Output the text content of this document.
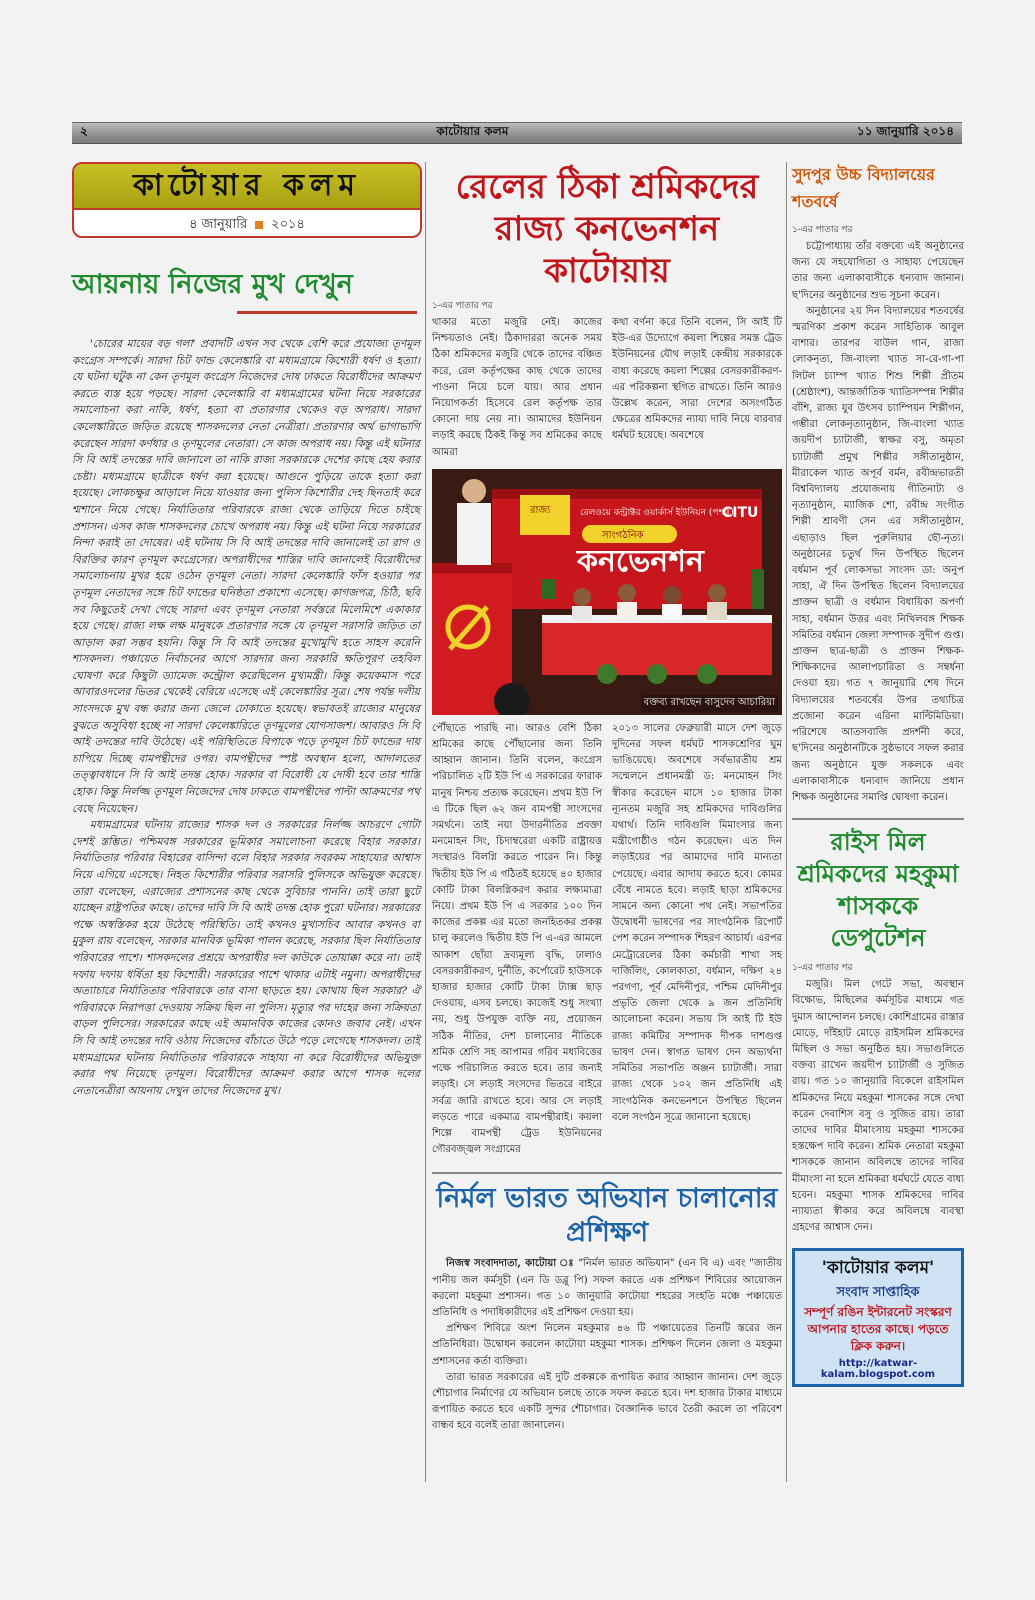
২	কাটোয়ার কলম	১১ জানুয়ারি ২০১৪
কাটোয়ার কলম
৪ জানুয়ারি ২০১৪
আয়নায় নিজের মুখ দেখুন

'চোরের মায়ের বড় গলা' প্রবাদটি এখন সব থেকে বেশি করে প্রযোজ্য তৃণমূল কংগ্রেস সম্পর্কে। সারদা চিট ফান্ড কেলেঙ্কারি বা মধ্যমগ্রামে কিশোরী ধর্ষণ ও হত্যা। যে ঘটনা ঘটুক না কেন তৃণমূল কংগ্রেস নিজেদের দোষ ঢাকতে বিরোধীদের আক্রমণ করতে ব্যস্ত হয়ে পড়ছে। সারদা কেলেঙ্কারি বা মধ্যমগ্রামের ঘটনা নিয়ে সরকারের সমালোচনা করা নাকি, ধর্ষণ, হত্যা বা প্রতারণার থেকেও বড় অপরাধ। সারদা কেলেঙ্কারিতে জড়িত রয়েছে শাসকদলের নেতা নেত্রীরা। প্রতারণার অর্থ ভাগাভাগি করেছেন সারদা কর্ণধার ও তৃণমূলের নেতারা। সে কাজ অপরাধ নয়। কিন্তু এই ঘটনার সি বি আই তদন্তের দাবি জানালে তা নাকি রাজ্য সরকারকে দেশের কাছে হেয় করার চেষ্টা। মধ্যমগ্রামে ছাত্রীকে ধর্ষণ করা হয়েছে। আগুনে পুড়িয়ে তাকে হত্যা করা হয়েছে। লোকচক্ষুর আড়ালে নিয়ে যাওয়ার জন্য পুলিস কিশোরীর দেহ ছিনতাই করে শ্মশানে নিয়ে গেছে। নির্যাতিতার পরিবারকে রাজ্য থেকে তাড়িয়ে দিতে চাইছে প্রশাসন। এসব কাজ শাসকদলের চোখে অপরাধ নয়। কিন্তু এই ঘটনা নিয়ে সরকারের নিন্দা করাই তা দোষের। এই ঘটনায় সি বি আই তদন্তের দাবি জানালেই তা রাগ ও বিরক্তির কারণ তৃণমূল কংগ্রেসের। অপরাধীদের শাস্তির দাবি জানালেই বিরোধীদের সমালোচনায় মুখর হয়ে ওঠেন তৃণমূল নেতা। সারদা কেলেঙ্কারি ফাঁস হওয়ার পর তৃণমূল নেতাদের সঙ্গে চিট ফান্ডের ঘনিষ্ঠতা প্রকাশ্যে এসেছে। কাগজপত্র, চিঠি, ছবি সব কিছুতেই দেখা গেছে সারদা এবং তৃণমূল নেতারা সর্বস্তরে মিলেমিশে একাকার হয়ে গেছে। রাজ্য লক্ষ লক্ষ মানুষকে প্রতারণার সঙ্গে যে তৃণমূল সরাসরি জড়িত তা আড়াল করা সম্ভব হয়নি। কিন্তু সি বি আই তদন্তের মুখোমুখি হতে সাহস করেনি শাসকদল। পঞ্চায়েত নির্বাচনের আগে সারদার জন্য সরকারি ক্ষতিপূরণ তহবিল ঘোষণা করে কিছুটা ড্যামেজ কন্ট্রোল করেছিলেন মুখ্যমন্ত্রী। কিন্তু কয়েকমাস পরে আবারওদলের ভিতর থেকেই বেরিয়ে এসেছে এই কেলেঙ্কারির সূত্র। শেষ পর্যন্ত দলীয় সাংসদকে মুখ বন্ধ করার জন্য জেলে ঢোকাতে হয়েছে। স্বভাবতই রাজ্যের মানুষের বুঝতে অসুবিধা হচ্ছে না সারদা কেলেঙ্কারিতে তৃণমূলের যোগসাজশ। আবারও সি বি আই তদন্তের দাবি উঠেছে। এই পরিস্থিতিতে বিপাকে পড়ে তৃণমূল চিট ফান্ডের দায় চাপিয়ে দিচ্ছে বামপন্থীদের ওপর। বামপন্থীদের স্পষ্ট অবস্থান হলো, আদালতের তত্ত্বাবধানে সি বি আই তদন্ত হোক। সরকার বা বিরোধী যে দোষী হবে তার শাস্তি হোক। কিন্তু নির্লজ্জ তৃণমূল নিজেদের দোষ ঢাকতে বামপন্থীদের পাল্টা আক্রমণের পথ বেছে নিয়েছেন।

মধ্যমগ্রামের ঘটনায় রাজ্যের শাসক দল ও সরকারের নির্লজ্জ আচরণে গোটা দেশই স্তম্ভিত। পশ্চিমবঙ্গ সরকারের ভূমিকার সমালোচনা করেছে বিহার সরকার। নির্যাতিতার পরিবার বিহারের বাসিন্দা বলে বিহার সরকার সবরকম সাহায্যের আশ্বাস নিয়ে এগিয়ে এসেছে। নিহত কিশোরীর পরিবার সরাসরি পুলিসকে অভিযুক্ত করেছে। তারা বলেছেন, এরাজ্যের প্রশাসনের কাছ থেকে সুবিচার পাননি। তাই তারা ছুটে যাচ্ছেন রাষ্ট্রপতির কাছে। তাদের দাবি সি বি আই তদন্ত হোক পুরো ঘটনার। সরকারের পক্ষে অস্বস্তিকর হয়ে উঠেছে পরিস্থিতি। তাই কখনও মুখ্যসচিব আবার কখনও বা মুকুল রায় বলেছেন, সরকার মানবিক ভূমিকা পালন করেছে, সরকার ছিল নির্যাতিতার পরিবারের পাশে। শাসকদলের প্রশ্রয়ে অপরাধীর দল কাউকে তোয়াক্কা করে না। তাই দফায় দফায় ধর্ষিতা হয় কিশোরী। সরকারের পাশে থাকার এটাই নমুনা। অপরাধীদের অত্যাচারে নির্যাতিতার পরিবারকে তার বাসা ছাড়তে হয়। কোথায় ছিল সরকার? ঐ পরিবারকে নিরাপত্তা দেওয়ায় সক্রিয় ছিল না পুলিস। মৃত্যুর পর দাহের জন্য সক্রিয়তা বাড়ল পুলিসের। সরকারের কাছে এই অমানবিক কাজের কোনও জবাব নেই। এখন সি বি আই তদন্তের দাবি ওঠায় নিজেদের বাঁচাতে উঠে পড়ে লেগেছে শাসকদল। তাই মধ্যমগ্রামের ঘটনায় নির্যাতিতার পরিবারকে সাহায্য না করে বিরোধীদের অভিযুক্ত করার পথ নিয়েছে তৃণমূল। বিরোধীদের আক্রমণ করার আগে শাসক দলের নেতানেত্রীরা আয়নায় দেখুন তাদের নিজেদের মুখ।

রেলের ঠিকা শ্রমিকদের রাজ্য কনভেনশন কাটোয়ায়
১-এর পাতার পর
থাকার মতো মজুরি নেই। কাজের নিশ্চয়তাও নেই। ঠিকাদাররা অনেক সময় ঠিকা শ্রমিকদের মজুরি থেকে তাদের বঞ্চিত করে, রেল কর্তৃপক্ষের কাছ থেকে তাদের পাওনা নিয়ে চলে যায়। আর প্রধান নিয়োগকর্তা হিসেবে রেল কর্তৃপক্ষ তার কোনো দায় নেয় না। আমাদের ইউনিয়ন লড়াই করছে ঠিকই কিন্তু সব শ্রমিকের কাছে আমরা
কথা বর্ণনা করে তিনি বলেন, সি আই টি ইউ-এর উদ্যোগে কয়লা শিল্পের সমস্ত ট্রেড ইউনিয়নের যৌথ লড়াই কেন্দ্রীয় সরকারকে বাধ্য করেছে কয়লা শিল্পের বেসরকারীকরণ-এর পরিকল্পনা স্থগিত রাখতে। তিনি আরও উল্লেখ করেন, সারা দেশের অসংগঠিত ক্ষেত্রের শ্রমিকদের ন্যায্য দাবি নিয়ে বারবার ধর্মঘট হয়েছে। অবশেষে
রাজ্য	রেলওয়ে কন্ট্রাক্টর ওয়ার্কার্স ইউনিয়ন (পশ্চঃ)
CITU
সাংগঠনিক
কনভেনশন
বক্তব্য রাখছেন বাসুদেব আচারিয়া
পৌঁছাতে পারছি না। আরও বেশি ঠিকা শ্রমিকের কাছে পৌঁছানোর জন্য তিনি আহ্বান জানান। তিনি বলেন, কংগ্রেস পরিচালিত ২টি ইউ পি এ সরকারের ফারাক মানুষ নিশ্চয় প্রত্যক্ষ করেছেন। প্রথম ইউ পি এ টিকে ছিল ৬২ জন বামপন্থী সাংসদের সমর্থনে। তাই নয়া উদারনীতির প্রবক্তা মনমোহন সিং, চিদাম্বরেরা একটি রাষ্ট্রায়ত্ত সংস্থারও বিলগ্নি করতে পারেন নি। কিন্তু দ্বিতীয় ইউ পি এ গঠিতই হয়েছে ৪০ হাজার কোটি টাকা বিলগ্নিকরণ করার লক্ষ্যমাত্রা নিয়ে। প্রথম ইউ পি এ সরকার ১০০ দিন কাজের প্রকল্প এর মতো জনহিতকর প্রকল্প চালু করলেও দ্বিতীয় ইউ পি এ-এর আমলে আকাশ ছোঁয়া দ্রব্যমূল্য বৃদ্ধি, ঢালাও বেসরকারীকরণ, দুর্নীতি, কর্পোরেট হাউসকে হাজার হাজার কোটি টাকা ট্যাক্স ছাড় দেওয়ায়, এসব চলছে। কাজেই শুধু সংখ্যা নয়, শুধু উপযুক্ত ব্যক্তি নয়, প্রয়োজন সঠিক নীতির, দেশ চালানোর নীতিকে শ্রমিক শ্রেণি সহ আপামর গরিব মধ্যবিত্তের পক্ষে পরিচালিত করতে হবে। তার জন্যই লড়াই। সে লড়াই সংসদের ভিতরে বাইরে সর্বত্র জারি রাখতে হবে। আর সে লড়াই লড়তে পারে একমাত্র বামপন্থীরাই। কয়লা শিল্পে বামপন্থী ট্রেড ইউনিয়নের গৌরবজ্জ্বল সংগ্রামের
২০১৩ সালের ফেব্রুয়ারী মাসে দেশ জুড়ে দুদিনের সফল ধর্মঘট শাসকশ্রেণির ঘুম ভাঙিয়েছে। অবশেষে সর্বভারতীয় শ্রম সম্মেলনে প্রধানমন্ত্রী ড: মনমোহন সিং স্বীকার করেছেন মাসে ১০ হাজার টাকা ন্যূনতম মজুরি সহ শ্রমিকদের দাবিগুলির যথার্থ। তিনি দাবিগুলি মিমাংসার জন্য মন্ত্রীগোষ্ঠীও গঠন করেছেন। এত দিন লড়াইয়ের পর আমাদের দাবি মান্যতা পেয়েছে। এবার আদায় করতে হবে। কোমর বেঁধে নামতে হবে। লড়াই ছাড়া শ্রমিকদের সামনে অন্য কোনো পথ নেই। সভাপতির উদ্বোধনী ভাষণের পর সাংগঠনিক রিপোর্ট পেশ করেন সম্পাদক শিহরণ আচার্য। এরপর মেট্রোরেলের ঠিকা কর্মচারী শাখা সহ দার্জিলিং, কোলকাতা, বর্ধমান, দক্ষিণ ২৪ পরগণা, পূর্ব মেদিনীপুর, পশ্চিম মেদিনীপুর প্রভৃতি জেলা থেকে ৯ জন প্রতিনিধি আলোচনা করেন। সভায় সি আই টি ইউ রাজ্য কমিটির সম্পাদক দীপক দাশগুপ্ত ভাষণ দেন। স্বাগত ভাষণ দেন অভ্যর্থনা সমিতির সভাপতি অঞ্জন চ্যাটার্জী। সারা রাজ্য থেকে ১০২ জন প্রতিনিধি এই সাংগঠনিক কনভেনশনে উপস্থিত ছিলেন বলে সংগঠন সূত্রে জানানো হয়েছে।
নির্মল ভারত অভিযান চালানোর প্রশিক্ষণ

নিজস্ব সংবাদদাতা, কাটোয়া ঃ "নির্মল ভারত অভিযান" (এন বি এ) এবং "জাতীয় পানীয় জল কর্মসূচী (এন ডি ডব্লু পি) সফল করতে এক প্রশিক্ষণ শিবিরের আয়োজন করলো মহকুমা প্রশাসন। গত ১০ জানুয়ারি কাটোয়া শহরের সংহতি মঞ্চে পঞ্চায়েত প্রতিনিধি ও পদাধিকারীদের এই প্রশিক্ষণ দেওয়া হয়।

প্রশিক্ষণ শিবিরে অংশ নিলেন মহকুমার ৪৬ টি পঞ্চায়েতের তিনটি স্তরের জন প্রতিনিধিরা। উদ্বোধন করলেন কাটোয়া মহকুমা শাসক। প্রশিক্ষণ দিলেন জেলা ও মহকুমা প্রশাসনের কর্তা ব্যক্তিরা।

তারা ভারত সরকারের এই দুটি প্রকল্পকে রূপায়িত করার আহ্বান জানান। দেশ জুড়ে শৌচাগার নির্মাণের যে অভিযান চলছে তাকে সফল করতে হবে। দশ হাজার টাকার মাধ্যমে রূপায়িত করতে হবে একটি সুন্দর শৌচাগার। বৈজ্ঞানিক ভাবে তৈরী করলে তা পরিবেশ বান্ধব হবে বলেই তারা জানালেন।

সুদপুর উচ্চ বিদ্যালয়ের শতবর্ষে
১-এর পাতার পর

চট্টোপাধ্যায় তাঁর বক্তব্যে এই অনুষ্ঠানের জন্য যে সহযোগিতা ও সাহায্য পেয়েছেন তার জন্য এলাকাবাসীকে ধন্যবাদ জানান। ছ'দিনের অনুষ্ঠানের শুভ সূচনা করেন।

অনুষ্ঠানের ২য় দিন বিদ্যালয়ের শতবর্ষের স্মরণিকা প্রকাশ করেন সাহিত্যিক আবুল বাশার। তারপর বাউল গান, রাজা লোকনৃত্য, জি-বাংলা খ্যাত সা-রে-গা-পা লিটল চ্যাম্প খ্যাত শিশু শিল্পী প্রীতম (শ্রেষ্ঠাংশ), আন্তর্জাতিক খ্যাতিসম্পন্ন শিল্পীর বাঁশি, রাজ্য যুব উৎসব চ্যাম্পিয়ন শিল্পীগন, গম্ভীরা লোকনৃত্যানুষ্ঠান, জি-বাংলা খ্যাত জয়দীপ চ্যাটার্জী, স্বাক্ষর বসু, অমৃতা চ্যাটার্জী প্রমুখ শিল্পীর সঙ্গীতানুষ্ঠান, মীরাকেল খ্যাত অপূর্ব বর্মন, রবীন্দ্রভারতী বিশ্ববিদ্যালয় প্রযোজনায় গীতিনাট্য ও নৃত্যানুষ্ঠান, ম্যাজিক শো, রবীন্দ্র সংগীত শিল্পী শ্রাবণী সেন এর সঙ্গীতানুষ্ঠান, এছাড়াও ছিল পুরুলিয়ার ছৌ-নৃত্য। অনুষ্ঠানের চতুর্থ দিন উপস্থিত ছিলেন বর্ধমান পূর্ব লোকসভা সাংসদ ডা: অনুপ সাহা, ঐ দিন উপস্থিত ছিলেন বিদ্যালয়ের প্রাক্তন ছাত্রী ও বর্ধমান বিধায়িকা অপর্ণা সাহা, বর্ধমান উত্তর এবং নিখিলবঙ্গ শিক্ষক সমিতির বর্ধমান জেলা সম্পাদক সুদীপ গুপ্ত। প্রাক্তন ছাত্র-ছাত্রী ও প্রাক্তন শিক্ষক-শিক্ষিকাদের আলাপচারিতা ও সম্বর্ধনা দেওয়া হয়। গত ৭ জানুয়ারি শেষ দিনে বিদ্যালয়ের শতবর্ষের উপর তথ্যচিত্র প্রজোনা করেন এরিনা মাল্টিমিডিয়া। পরিশেষে আতসবাজি প্রদর্শনী করে, ছ'দিনের অনুষ্ঠানটিকে সুষ্ঠভাবে সফল করার জন্য অনুষ্ঠানে যুক্ত সকলকে এবং এলাকাবাসীকে ধন্যবাদ জানিয়ে প্রধান শিক্ষক অনুষ্ঠানের সমাপ্তি ঘোষণা করেন।

রাইস মিল শ্রমিকদের মহকুমা শাসককে ডেপুটেশন
১-এর পাতার পর

মজুরি। মিল গেটে সভা, অবস্থান বিক্ষোভ, মিছিলের কর্মসূচির মাধ্যমে গত দুমাস আন্দোলন চলছে। কোশিগ্রামের রাস্তার মোড়ে, দাঁইহাট মোড়ে রাইসমিল শ্রমিকদের মিছিল ও সভা অনুষ্ঠিত হয়। সভাগুলিতে বক্তব্য রাখেন জয়দীপ চ্যাটার্জী ও সুজিত রায়। গত ১০ জানুয়ারি বিকেলে রাইসমিল শ্রমিকদের নিয়ে মহকুমা শাসকের সঙ্গে দেখা করেন দেবাশিস বসু ও সুজিত রায়। তারা তাদের দাবির মীমাংসায় মহকুমা শাসকের হস্তক্ষেপ দাবি করেন। শ্রমিক নেতারা মহকুমা শাসককে জানান অবিলম্বে তাদের দাবির মীমাংসা না হলে শ্রমিকরা ধর্মঘটে যেতে বাধ্য হবেন। মহকুমা শাসক শ্রমিকদের দাবির ন্যায্যতা স্বীকার করে অবিলম্বে ব্যবস্থা গ্রহণের আশ্বাস দেন।

'কাটোয়ার কলম'
সংবাদ সাপ্তাহিক
সম্পূর্ণ রঙিন ইন্টারনেট সংস্করণ আপনার হাতের কাছে। পড়তে ক্লিক করুন।
http://katwar-kalam.blogspot.com
